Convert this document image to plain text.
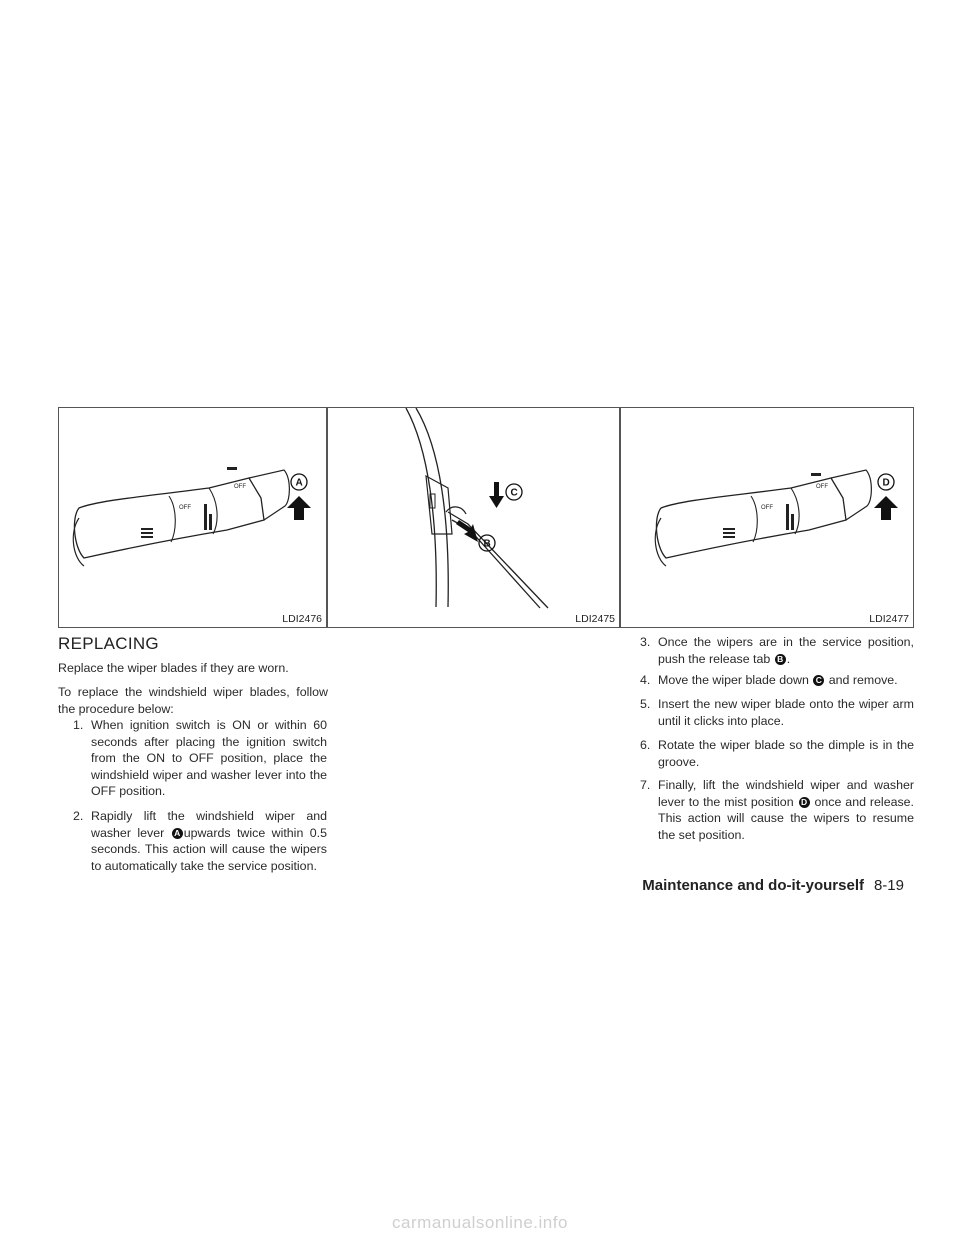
OFF
OFF	A
LDI2476
C
B
LDI2475
OFF
OFF	D
LDI2477
REPLACING

Replace the wiper blades if they are worn.

To replace the windshield wiper blades, follow the procedure below:

1. When ignition switch is ON or within 60 seconds after placing the ignition switch from the ON to OFF position, place the windshield wiper and washer lever into the OFF position.
2. Rapidly lift the windshield wiper and washer lever A upwards twice within 0.5 seconds. This action will cause the wipers to automatically take the service position.
3. Once the wipers are in the service position, push the release tab B .
4. Move the wiper blade down C and remove.
5. Insert the new wiper blade onto the wiper arm until it clicks into place.
6. Rotate the wiper blade so the dimple is in the groove.
7. Finally, lift the windshield wiper and washer lever to the mist position D once and release. This action will cause the wipers to resume the set position.
Maintenance and do-it-yourself 8-19
carmanualsonline.info
